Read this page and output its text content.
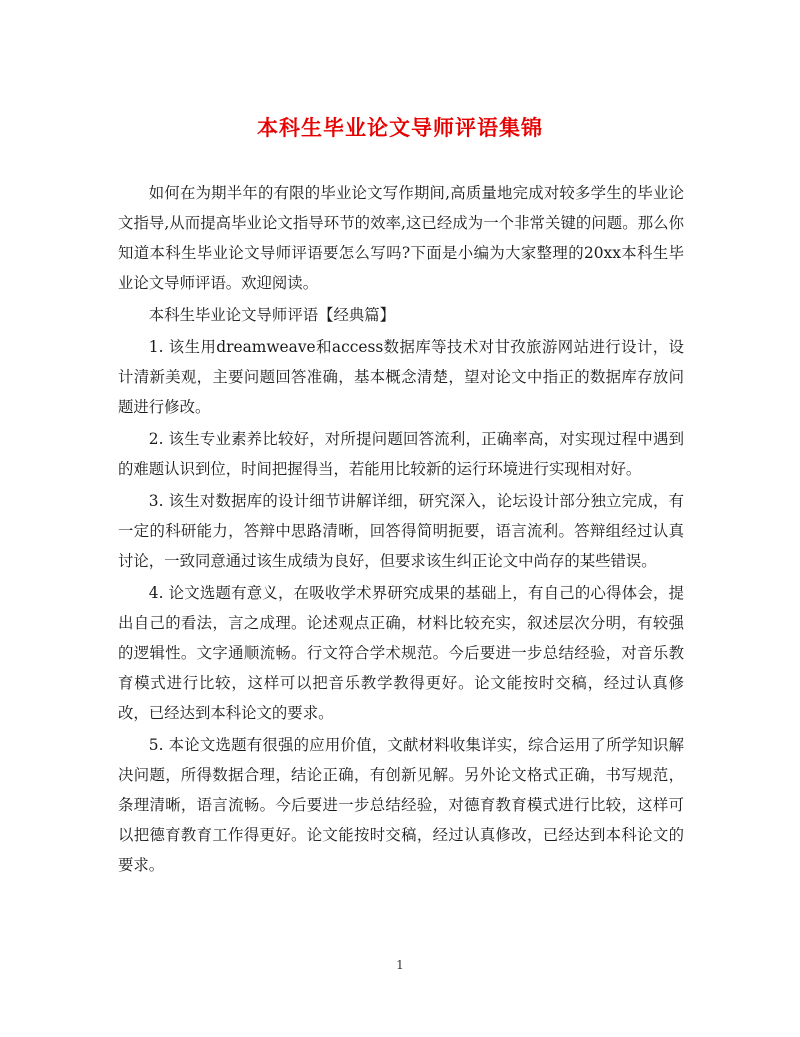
本科生毕业论文导师评语集锦

如何在为期半年的有限的毕业论文写作期间,高质量地完成对较多学生的毕业论文指导,从而提高毕业论文指导环节的效率,这已经成为一个非常关键的问题。那么你知道本科生毕业论文导师评语要怎么写吗?下面是小编为大家整理的20xx本科生毕业论文导师评语。欢迎阅读。

本科生毕业论文导师评语【经典篇】

1. 该生用dreamweave和access数据库等技术对甘孜旅游网站进行设计，设计清新美观，主要问题回答准确，基本概念清楚，望对论文中指正的数据库存放问题进行修改。

2. 该生专业素养比较好，对所提问题回答流利，正确率高，对实现过程中遇到的难题认识到位，时间把握得当，若能用比较新的运行环境进行实现相对好。

3. 该生对数据库的设计细节讲解详细，研究深入，论坛设计部分独立完成，有一定的科研能力，答辩中思路清晰，回答得简明扼要，语言流利。答辩组经过认真讨论，一致同意通过该生成绩为良好，但要求该生纠正论文中尚存的某些错误。

4. 论文选题有意义，在吸收学术界研究成果的基础上，有自己的心得体会，提出自己的看法，言之成理。论述观点正确，材料比较充实，叙述层次分明，有较强的逻辑性。文字通顺流畅。行文符合学术规范。今后要进一步总结经验，对音乐教育模式进行比较，这样可以把音乐教学教得更好。论文能按时交稿，经过认真修改，已经达到本科论文的要求。

5. 本论文选题有很强的应用价值，文献材料收集详实，综合运用了所学知识解决问题，所得数据合理，结论正确，有创新见解。另外论文格式正确，书写规范，条理清晰，语言流畅。今后要进一步总结经验，对德育教育模式进行比较，这样可以把德育教育工作得更好。论文能按时交稿，经过认真修改，已经达到本科论文的要求。

1
